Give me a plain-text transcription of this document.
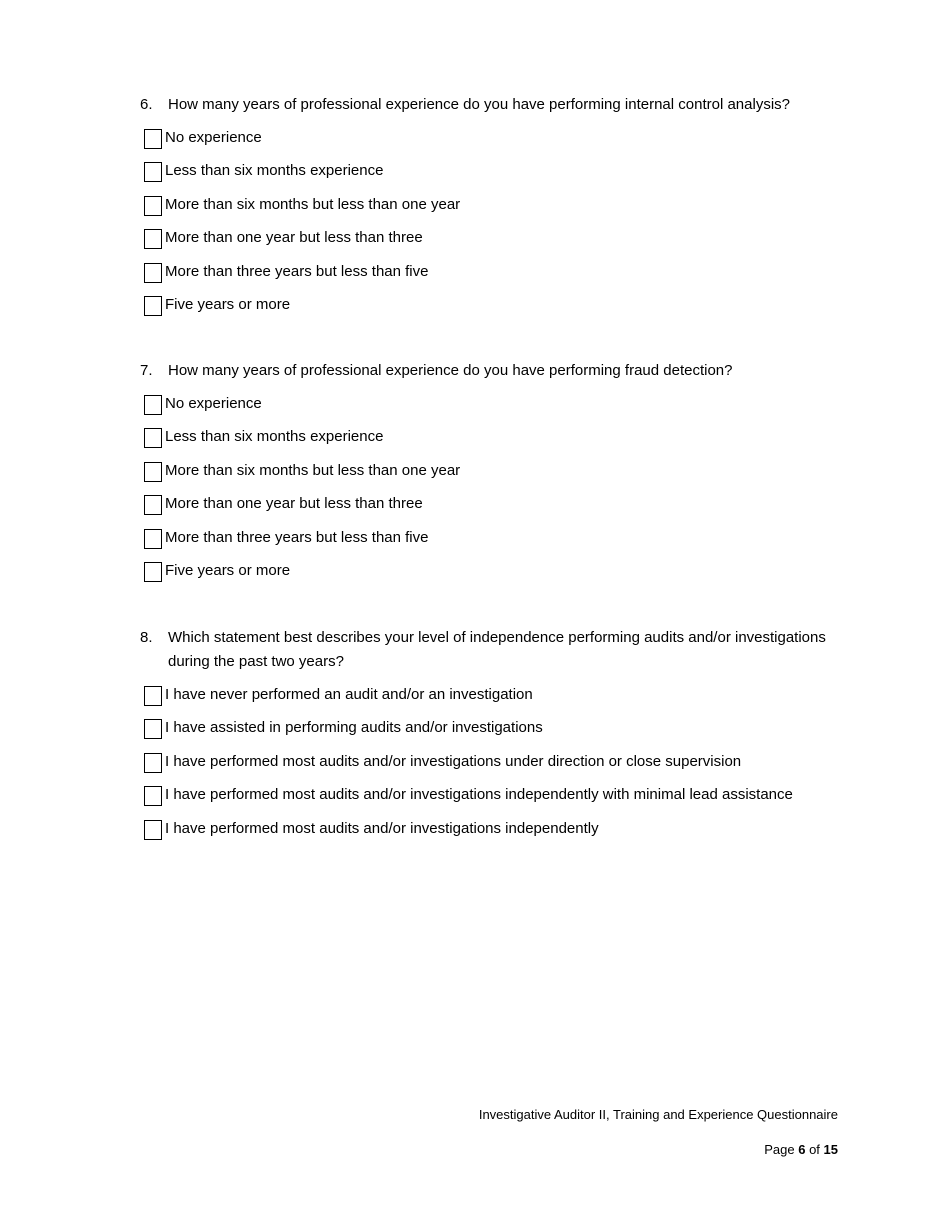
6.	How many years of professional experience do you have performing internal control analysis?
No experience
Less than six months experience
More than six months but less than one year
More than one year but less than three
More than three years but less than five
Five years or more
7.	How many years of professional experience do you have performing fraud detection?
No experience
Less than six months experience
More than six months but less than one year
More than one year but less than three
More than three years but less than five
Five years or more
8.	Which statement best describes your level of independence performing audits and/or investigations during the past two years?
I have never performed an audit and/or an investigation
I have assisted in performing audits and/or investigations
I have performed most audits and/or investigations under direction or close supervision
I have performed most audits and/or investigations independently with minimal lead assistance
I have performed most audits and/or investigations independently
Investigative Auditor II, Training and Experience Questionnaire
Page 6 of 15
